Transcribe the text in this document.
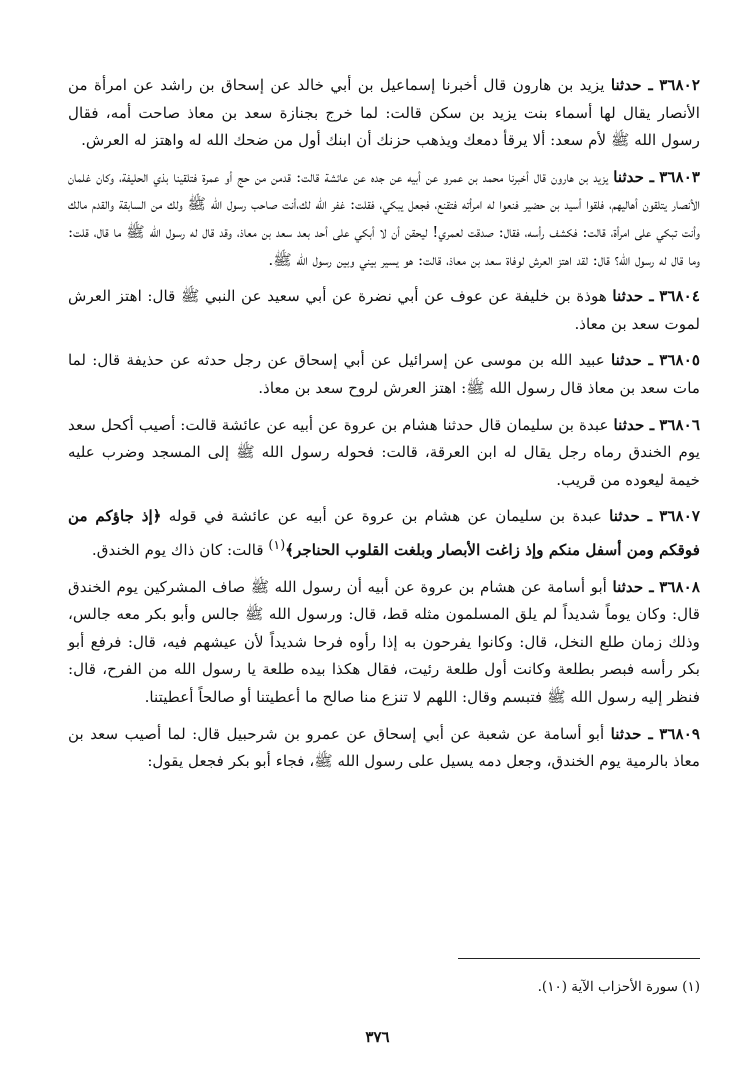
٣٦٨٠٢ ـ حدثنا يزيد بن هارون قال أخبرنا إسماعيل بن أبي خالد عن إسحاق بن راشد عن امرأة من الأنصار يقال لها أسماء بنت يزيد بن سكن قالت: لما خرج بجنازة سعد بن معاذ صاحت أمه، فقال رسول الله ﷺ لأم سعد: ألا يرقأ دمعك ويذهب حزنك أن ابنك أول من ضحك الله له واهتز له العرش.

٣٦٨٠٣ ـ حدثنا يزيد بن هارون قال أخبرنا محمد بن عمرو عن أبيه عن جده عن عائشة قالت: قدمن من حج أو عمرة فتلقينا بذي الحليفة، وكان غلمان الأنصار يتلقون أهاليهم، فلقوا أسيد بن حضير فنعوا له امرأته فتقنع، فجعل يبكي، فقلت: غفر الله لك،أنت صاحب رسول الله ﷺ ولك من السابقة والقدم مالك وأنت تبكي على امرأة، قالت: فكشف رأسه، فقال: صدقت لعمري! ليحقن أن لا أبكي على أحد بعد سعد بن معاذ، وقد قال له رسول الله ﷺ ما قال، قلت: وما قال له رسول الله؟ قال: لقد اهتز العرش لوفاة سعد بن معاذ، قالت: هو يسير بيني وبين رسول الله ﷺ.

٣٦٨٠٤ ـ حدثنا هوذة بن خليفة عن عوف عن أبي نضرة عن أبي سعيد عن النبي ﷺ قال: اهتز العرش لموت سعد بن معاذ.

٣٦٨٠٥ ـ حدثنا عبيد الله بن موسى عن إسرائيل عن أبي إسحاق عن رجل حدثه عن حذيفة قال: لما مات سعد بن معاذ قال رسول الله ﷺ: اهتز العرش لروح سعد بن معاذ.

٣٦٨٠٦ ـ حدثنا عبدة بن سليمان قال حدثنا هشام بن عروة عن أبيه عن عائشة قالت: أصيب أكحل سعد يوم الخندق رماه رجل يقال له ابن العرقة، قالت: فحوله رسول الله ﷺ إلى المسجد وضرب عليه خيمة ليعوده من قريب.

٣٦٨٠٧ ـ حدثنا عبدة بن سليمان عن هشام بن عروة عن أبيه عن عائشة في قوله ﴿إذ جاؤكم من فوقكم ومن أسفل منكم وإذ زاغت الأبصار وبلغت القلوب الحناجر﴾$^{(١)}$ قالت: كان ذاك يوم الخندق.

٣٦٨٠٨ ـ حدثنا أبو أسامة عن هشام بن عروة عن أبيه أن رسول الله ﷺ صاف المشركين يوم الخندق قال: وكان يوماً شديداً لم يلق المسلمون مثله قط، قال: ورسول الله ﷺ جالس وأبو بكر معه جالس، وذلك زمان طلع النخل، قال: وكانوا يفرحون به إذا رأوه فرحا شديداً لأن عيشهم فيه، قال: فرفع أبو بكر رأسه فبصر بطلعة وكانت أول طلعة رئيت، فقال هكذا بيده طلعة يا رسول الله من الفرح، قال: فنظر إليه رسول الله ﷺ فتبسم وقال: اللهم لا تنزع منا صالح ما أعطيتنا أو صالحاً أعطيتنا.

٣٦٨٠٩ ـ حدثنا أبو أسامة عن شعبة عن أبي إسحاق عن عمرو بن شرحبيل قال: لما أصيب سعد بن معاذ بالرمية يوم الخندق، وجعل دمه يسيل على رسول الله ﷺ، فجاء أبو بكر فجعل يقول:

(١) سورة الأحزاب الآية (١٠).

٣٧٦
